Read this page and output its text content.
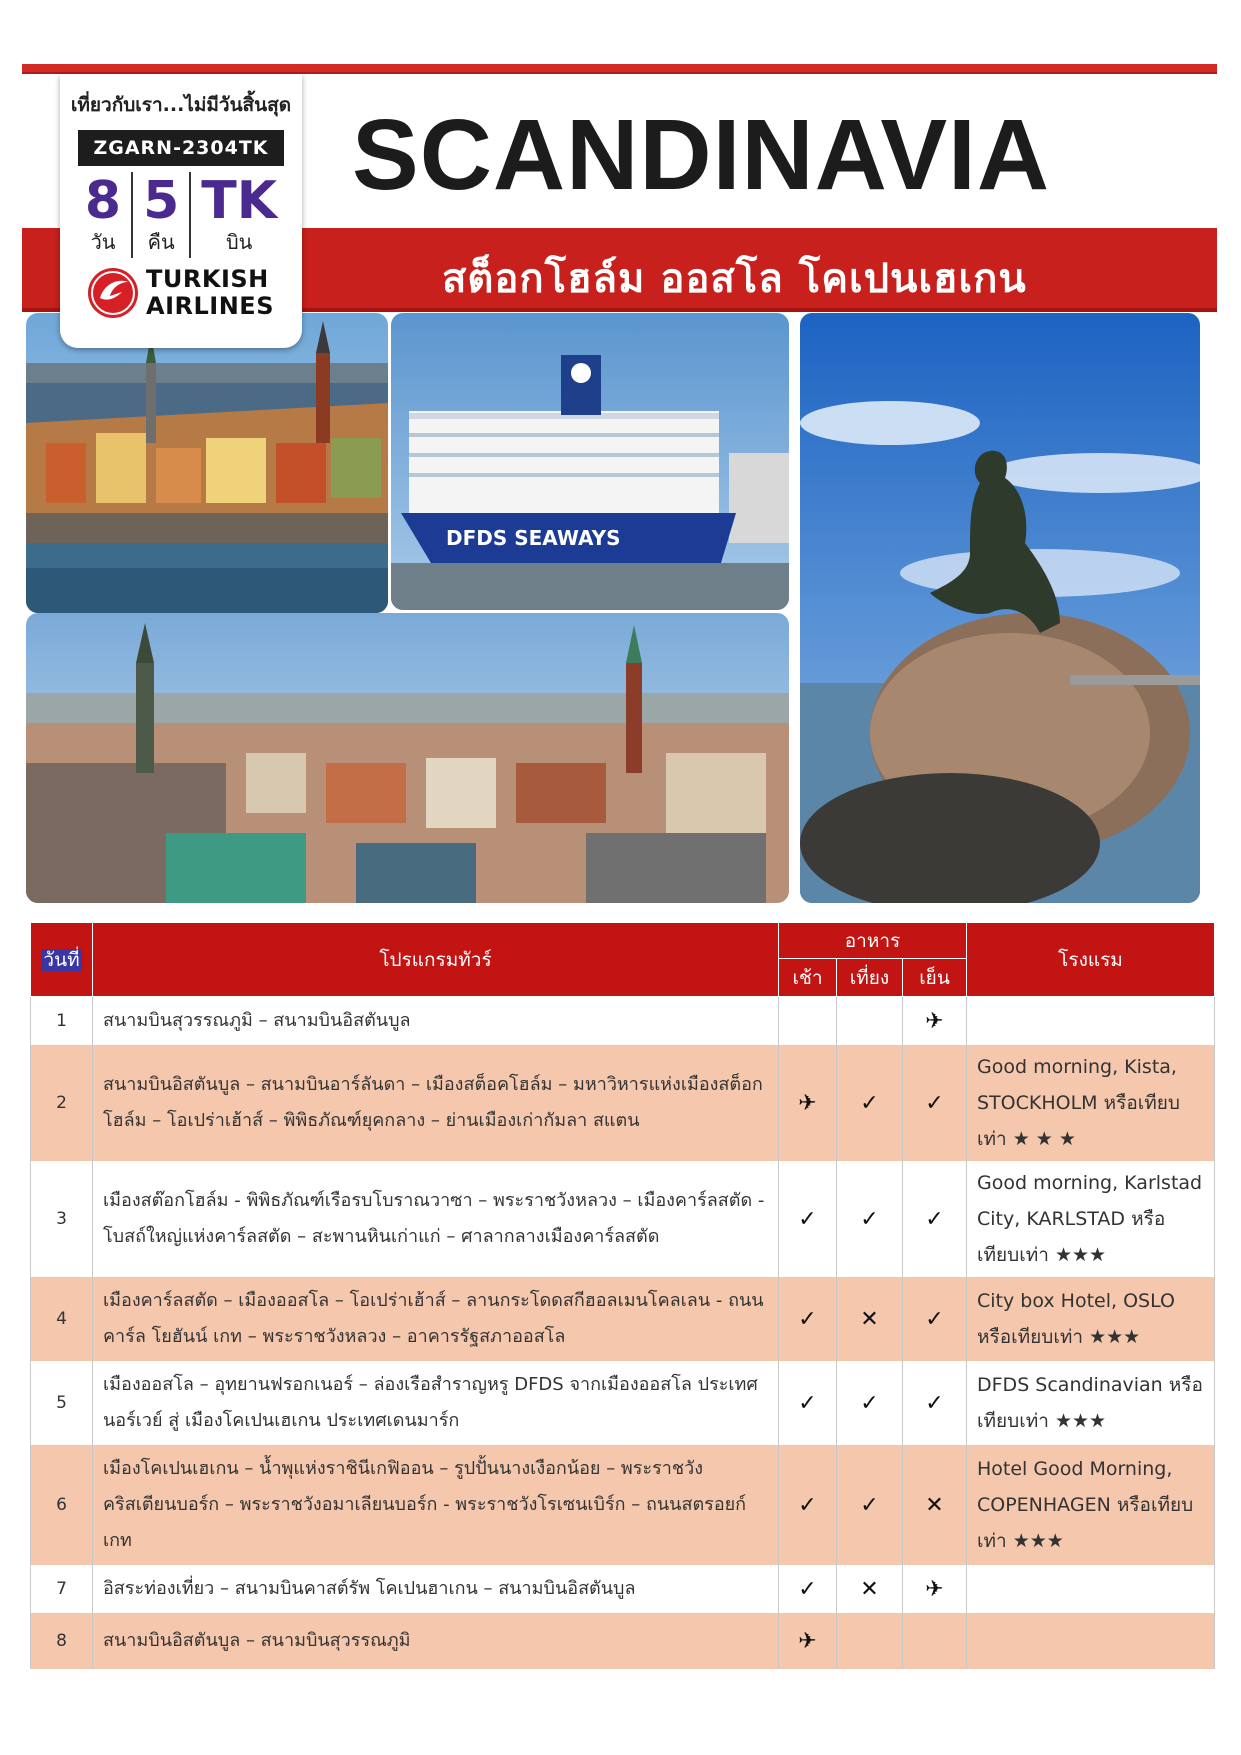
เที่ยวกับเรา...ไม่มีวันสิ้นสุด
ZGARN-2304TK
8
วัน
5
คืน
TK
บิน
TURKISH
AIRLINES
SCANDINAVIA
สต็อกโฮล์ม ออสโล โคเปนเฮเกน
DFDS SEAWAYS
วันที่	โปรแกรมทัวร์	อาหาร			โรงแรม
		เช้า	เที่ยง	เย็น	
1	สนามบินสุวรรณภูมิ – สนามบินอิสตันบูล			✈	
2	สนามบินอิสตันบูล – สนามบินอาร์ลันดา – เมืองสต็อคโฮล์ม – มหาวิหารแห่งเมืองสต็อกโฮล์ม – โอเปร่าเฮ้าส์ – พิพิธภัณฑ์ยุคกลาง – ย่านเมืองเก่ากัมลา สแตน	✈	✓	✓	Good morning, Kista, STOCKHOLM หรือเทียบเท่า ★ ★ ★
3	เมืองสต๊อกโฮล์ม - พิพิธภัณฑ์เรือรบโบราณวาซา – พระราชวังหลวง – เมืองคาร์ลสตัด - โบสถ์ใหญ่แห่งคาร์ลสตัด – สะพานหินเก่าแก่ – ศาลากลางเมืองคาร์ลสตัด	✓	✓	✓	Good morning, Karlstad City, KARLSTAD หรือ เทียบเท่า ★★★
4	เมืองคาร์ลสตัด – เมืองออสโล – โอเปร่าเฮ้าส์ – ลานกระโดดสกีฮอลเมนโคลเลน - ถนนคาร์ล โยฮันน์ เกท – พระราชวังหลวง – อาคารรัฐสภาออสโล	✓	✕	✓	City box Hotel, OSLO หรือเทียบเท่า ★★★
5	เมืองออสโล – อุทยานฟรอกเนอร์ – ล่องเรือสำราญหรู DFDS จากเมืองออสโล ประเทศนอร์เวย์ สู่ เมืองโคเปนเฮเกน ประเทศเดนมาร์ก	✓	✓	✓	DFDS Scandinavian หรือเทียบเท่า ★★★
6	เมืองโคเปนเฮเกน – น้ำพุแห่งราชินีเกฟิออน – รูปปั้นนางเงือกน้อย – พระราชวังคริสเตียนบอร์ก – พระราชวังอมาเลียนบอร์ก - พระราชวังโรเซนเบิร์ก – ถนนสตรอยก์เกท	✓	✓	✕	Hotel Good Morning, COPENHAGEN หรือเทียบเท่า ★★★
7	อิสระท่องเที่ยว – สนามบินคาสต์รัพ โคเปนฮาเกน – สนามบินอิสตันบูล	✓	✕	✈	
8	สนามบินอิสตันบูล – สนามบินสุวรรณภูมิ	✈			
